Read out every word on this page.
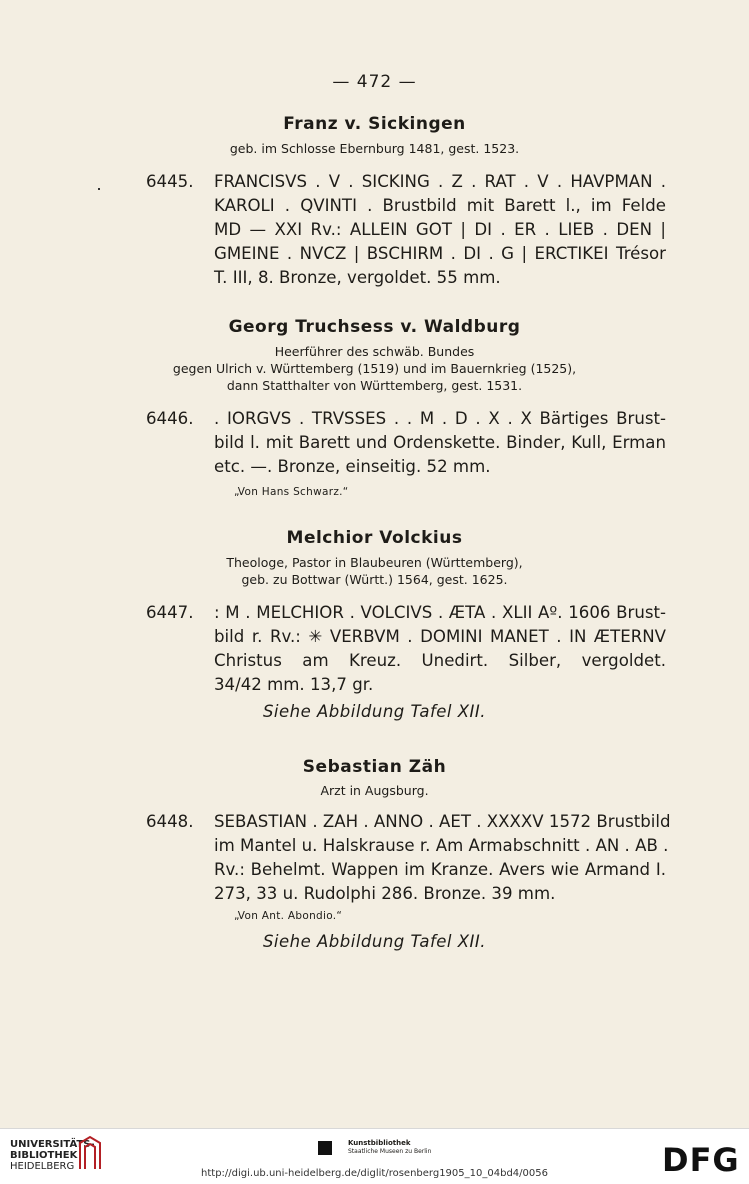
— 472 —
Franz v. Sickingen
geb. im Schlosse Ebernburg 1481, gest. 1523.
6445. FRANCISVS . V . SICKING . Z . RAT . V . HAVPMAN .
KAROLI . QVINTI . Brustbild mit Barett l., im Felde
MD — XXI Rv.: ALLEIN GOT | DI . ER . LIEB . DEN |
GMEINE . NVCZ | BSCHIRM . DI . G | ERCTIKEI Trésor
T. III, 8. Bronze, vergoldet. 55 mm.
Georg Truchsess v. Waldburg
Heerführer des schwäb. Bundes
gegen Ulrich v. Württemberg (1519) und im Bauernkrieg (1525),
dann Statthalter von Württemberg, gest. 1531.
6446. . IORGVS . TRVSSES . . M . D . X . X Bärtiges Brust-
bild l. mit Barett und Ordenskette. Binder, Kull, Erman
etc. —. Bronze, einseitig. 52 mm.
„Von Hans Schwarz.“
Melchior Volckius
Theologe, Pastor in Blaubeuren (Württemberg),
geb. zu Bottwar (Württ.) 1564, gest. 1625.
6447. : M . MELCHIOR . VOLCIVS . ÆTA . XLII Aº. 1606 Brust-
bild r. Rv.: ✳ VERBVM . DOMINI MANET . IN ÆTERNV
Christus am Kreuz. Unedirt. Silber, vergoldet.
34/42 mm. 13,7 gr.
Siehe Abbildung Tafel XII.
Sebastian Zäh
Arzt in Augsburg.
6448. SEBASTIAN . ZAH . ANNO . AET . XXXXV 1572 Brustbild
im Mantel u. Halskrause r. Am Armabschnitt . AN . AB .
Rv.: Behelmt. Wappen im Kranze. Avers wie Armand I.
273, 33 u. Rudolphi 286. Bronze. 39 mm.
„Von Ant. Abondio.“
Siehe Abbildung Tafel XII.
UNIVERSITÄTS-
BIBLIOTHEK
HEIDELBERG
Kunstbibliothek
Staatliche Museen zu Berlin	DFG
http://digi.ub.uni-heidelberg.de/diglit/rosenberg1905_10_04bd4/0056
